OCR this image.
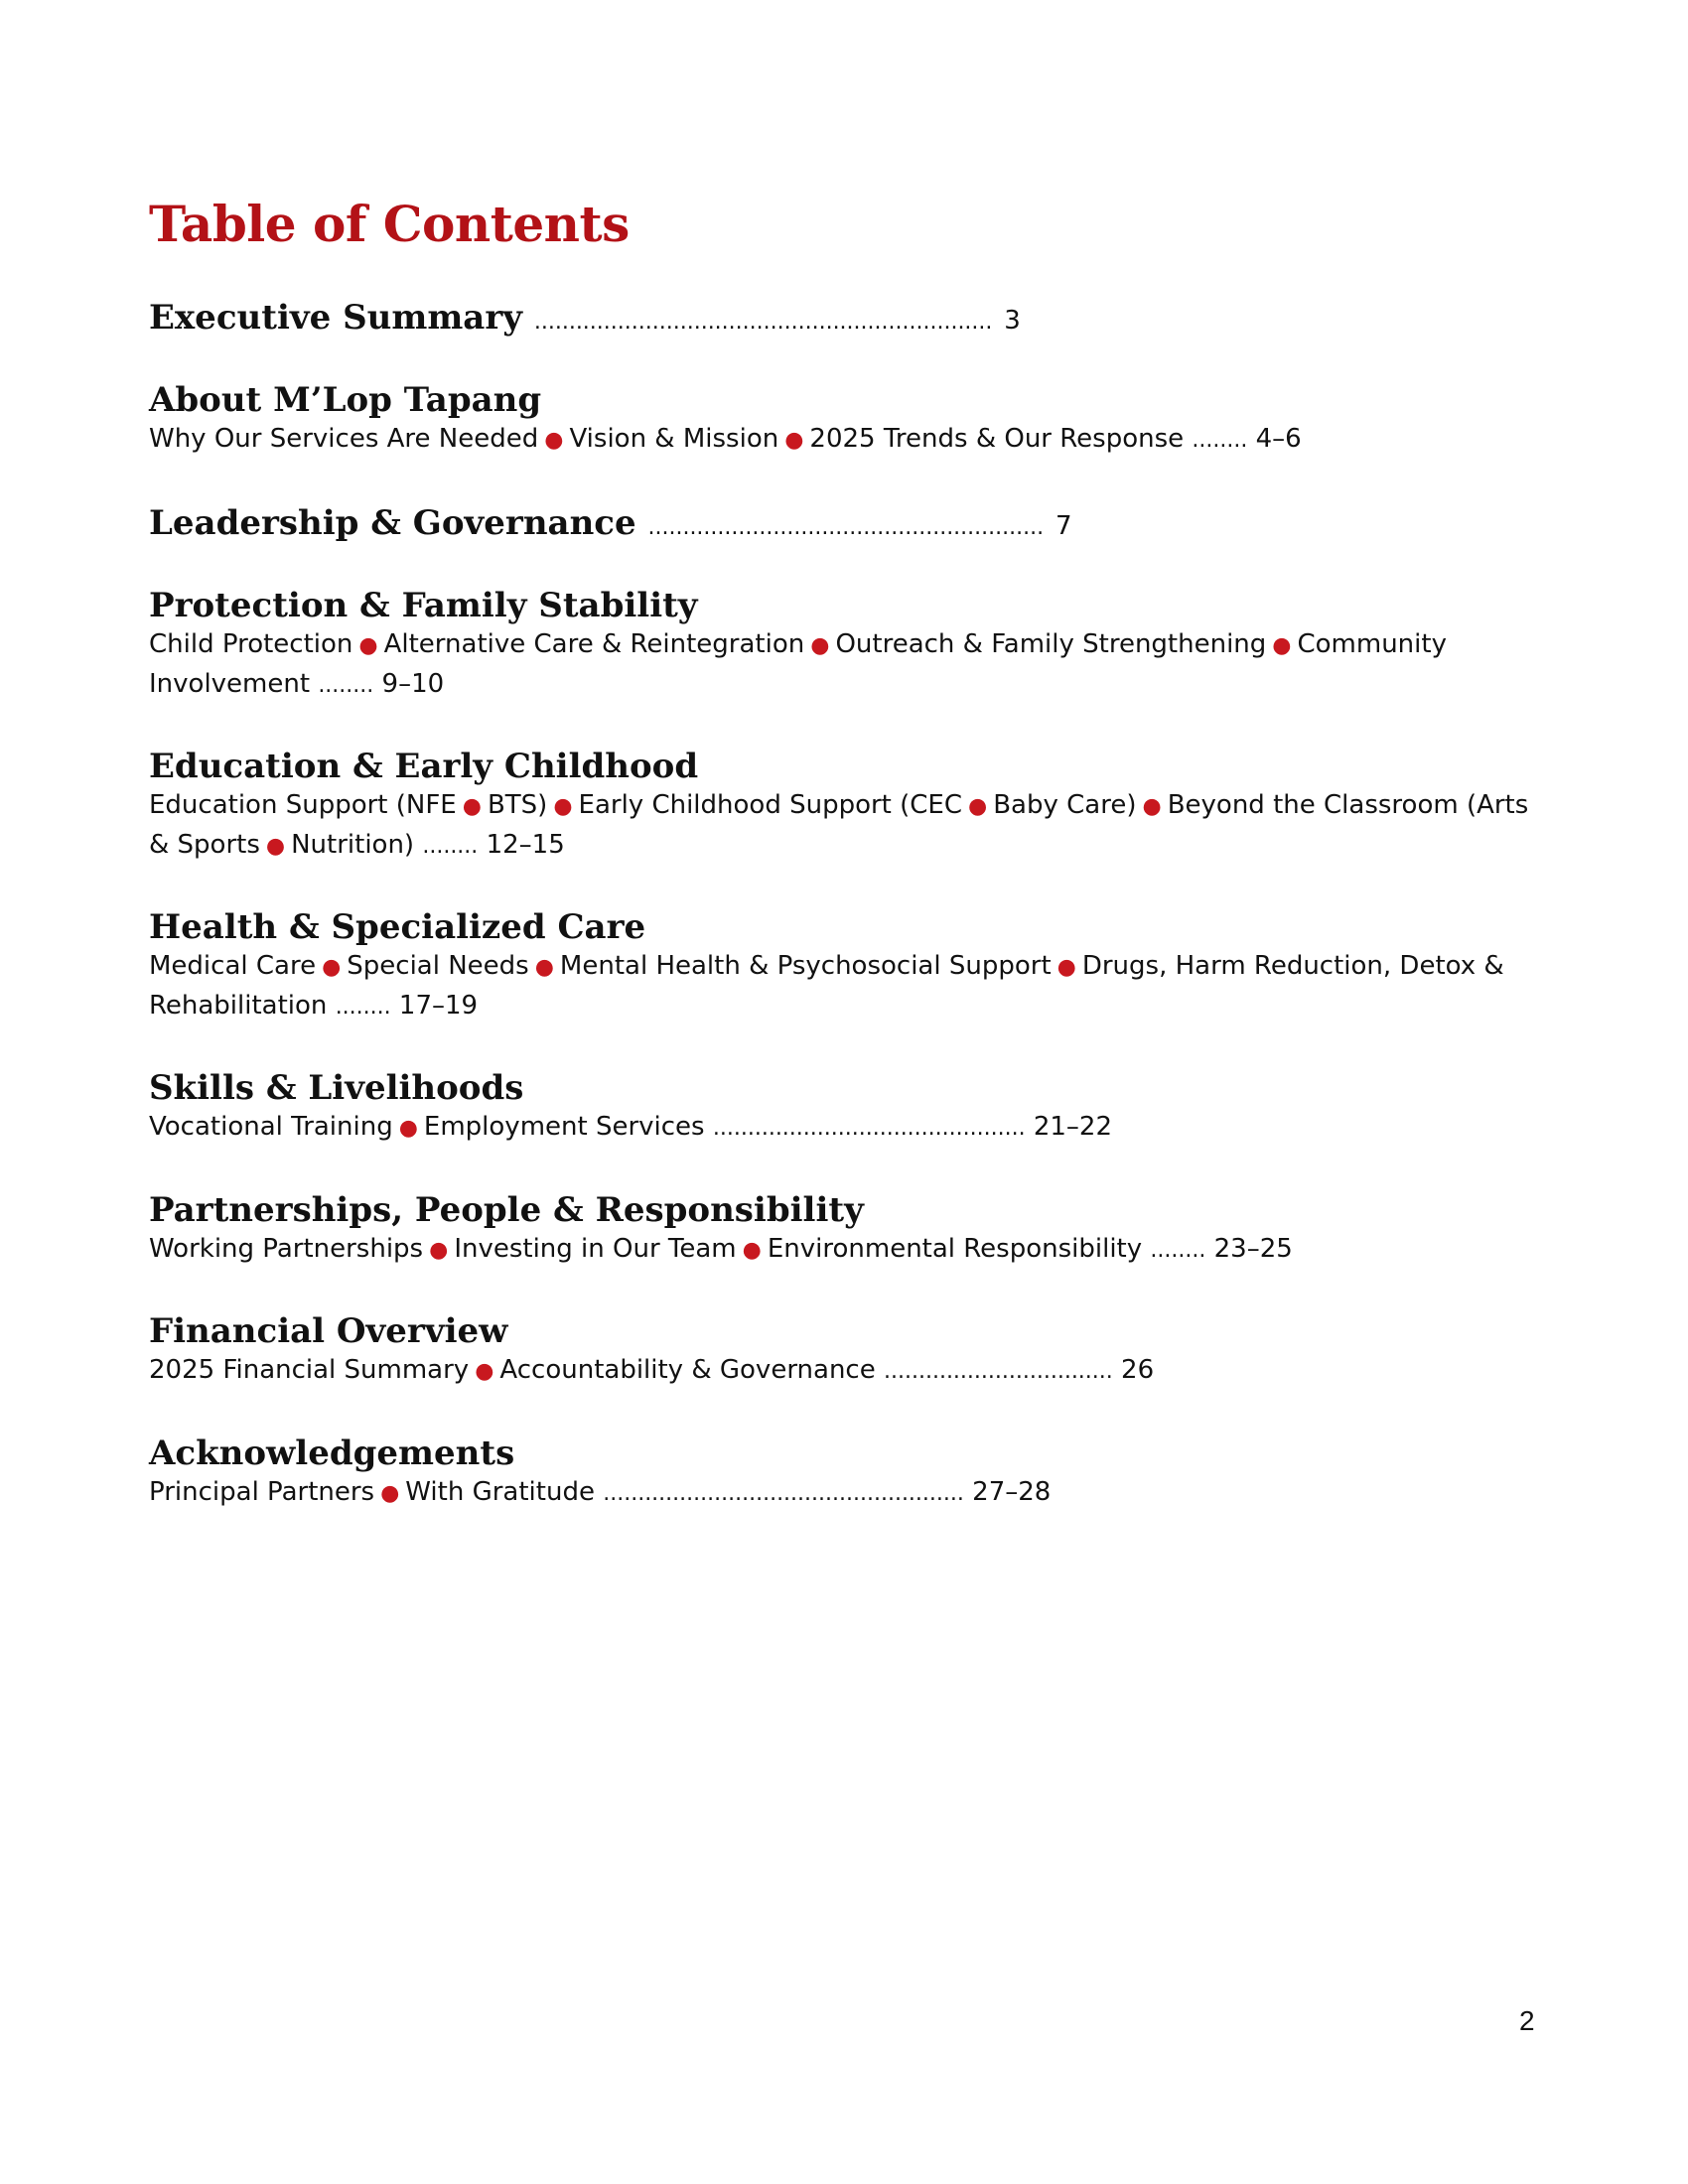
Table of Contents
Executive Summary .................................................................. 3
About M’Lop Tapang
Why Our Services Are Needed ● Vision & Mission ● 2025 Trends & Our Response ........ 4–6
Leadership & Governance ......................................................... 7
Protection & Family Stability
Child Protection ● Alternative Care & Reintegration ● Outreach & Family Strengthening ● Community Involvement ........ 9–10
Education & Early Childhood
Education Support (NFE ● BTS) ● Early Childhood Support (CEC ● Baby Care) ● Beyond the Classroom (Arts & Sports ● Nutrition) ........ 12–15
Health & Specialized Care
Medical Care ● Special Needs ● Mental Health & Psychosocial Support ● Drugs, Harm Reduction, Detox & Rehabilitation ........ 17–19
Skills & Livelihoods
Vocational Training ● Employment Services ............................................. 21–22
Partnerships, People & Responsibility
Working Partnerships ● Investing in Our Team ● Environmental Responsibility ........ 23–25
Financial Overview
2025 Financial Summary ● Accountability & Governance ................................. 26
Acknowledgements
Principal Partners ● With Gratitude .................................................... 27–28
2
